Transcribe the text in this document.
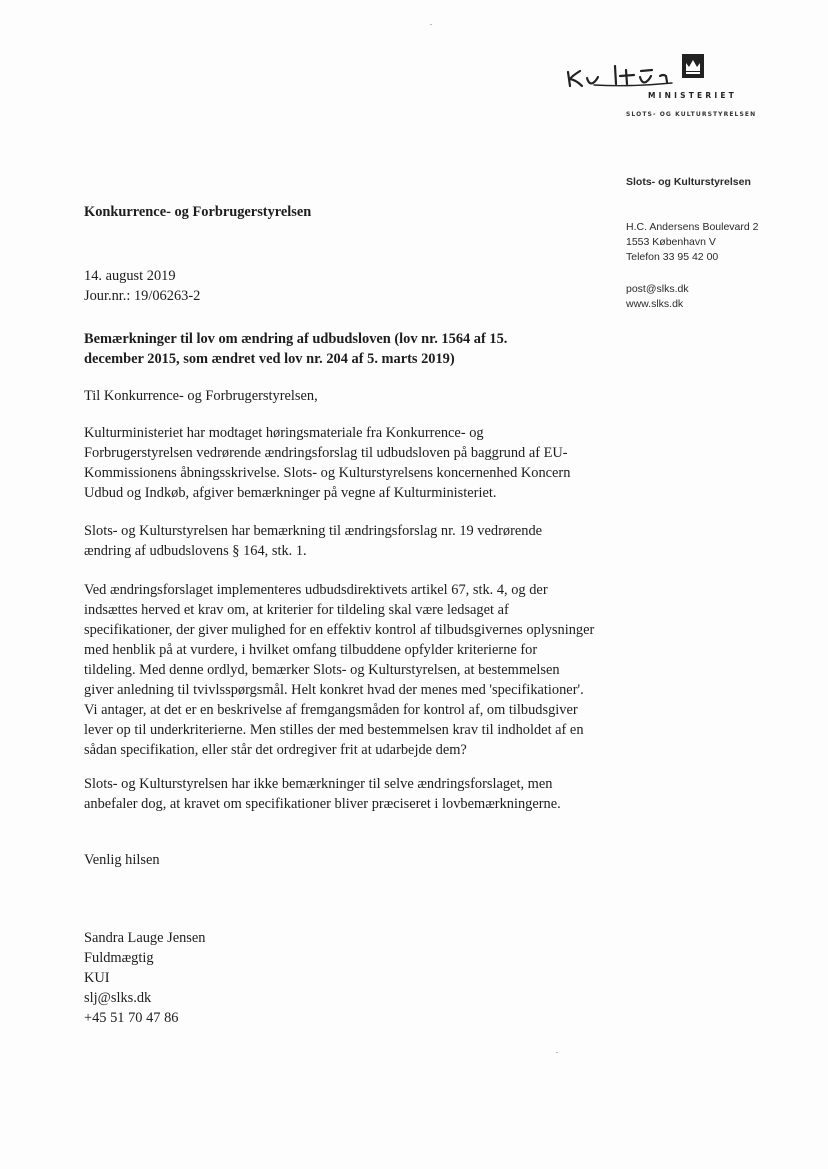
MINISTERIET
SLOTS- OG KULTURSTYRELSEN
Slots- og Kulturstyrelsen
H.C. Andersens Boulevard 2
1553 København V
Telefon 33 95 42 00
post@slks.dk
www.slks.dk
Konkurrence- og Forbrugerstyrelsen
14. august 2019
Jour.nr.: 19/06263-2
Bemærkninger til lov om ændring af udbudsloven (lov nr. 1564 af 15.
december 2015, som ændret ved lov nr. 204 af 5. marts 2019)
Til Konkurrence- og Forbrugerstyrelsen,
Kulturministeriet har modtaget høringsmateriale fra Konkurrence- og
Forbrugerstyrelsen vedrørende ændringsforslag til udbudsloven på baggrund af EU-
Kommissionens åbningsskrivelse. Slots- og Kulturstyrelsens koncernenhed Koncern
Udbud og Indkøb, afgiver bemærkninger på vegne af Kulturministeriet.
Slots- og Kulturstyrelsen har bemærkning til ændringsforslag nr. 19 vedrørende
ændring af udbudslovens § 164, stk. 1.
Ved ændringsforslaget implementeres udbudsdirektivets artikel 67, stk. 4, og der
indsættes herved et krav om, at kriterier for tildeling skal være ledsaget af
specifikationer, der giver mulighed for en effektiv kontrol af tilbudsgivernes oplysninger
med henblik på at vurdere, i hvilket omfang tilbuddene opfylder kriterierne for
tildeling. Med denne ordlyd, bemærker Slots- og Kulturstyrelsen, at bestemmelsen
giver anledning til tvivlsspørgsmål. Helt konkret hvad der menes med 'specifikationer'.
Vi antager, at det er en beskrivelse af fremgangsmåden for kontrol af, om tilbudsgiver
lever op til underkriterierne. Men stilles der med bestemmelsen krav til indholdet af en
sådan specifikation, eller står det ordregiver frit at udarbejde dem?
Slots- og Kulturstyrelsen har ikke bemærkninger til selve ændringsforslaget, men
anbefaler dog, at kravet om specifikationer bliver præciseret i lovbemærkningerne.
Venlig hilsen
Sandra Lauge Jensen
Fuldmægtig
KUI
slj@slks.dk
+45 51 70 47 86
